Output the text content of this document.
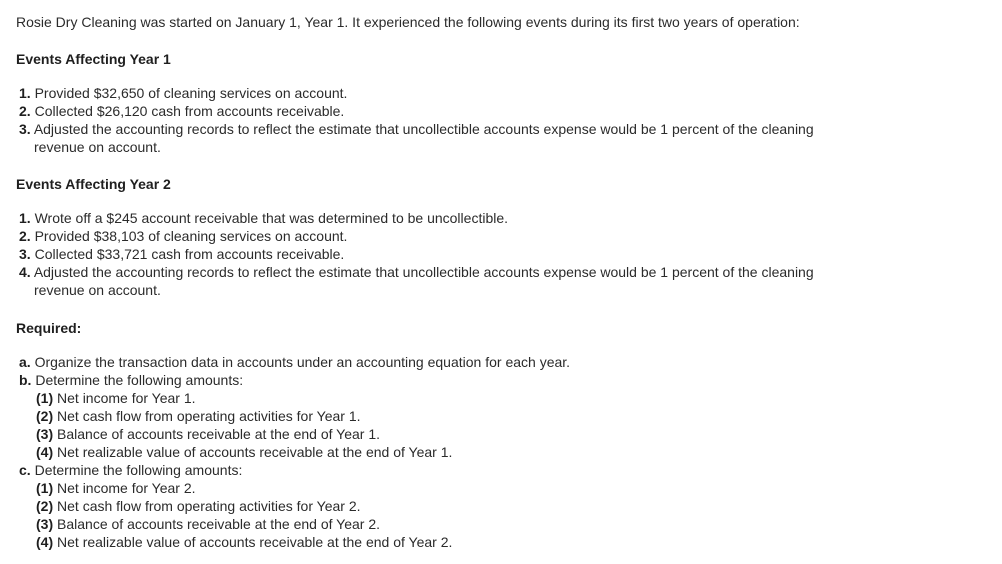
Rosie Dry Cleaning was started on January 1, Year 1. It experienced the following events during its first two years of operation:

Events Affecting Year 1

1. Provided $32,650 of cleaning services on account.
2. Collected $26,120 cash from accounts receivable.
3. Adjusted the accounting records to reflect the estimate that uncollectible accounts expense would be 1 percent of the cleaning
revenue on account.

Events Affecting Year 2

1. Wrote off a $245 account receivable that was determined to be uncollectible.
2. Provided $38,103 of cleaning services on account.
3. Collected $33,721 cash from accounts receivable.
4. Adjusted the accounting records to reflect the estimate that uncollectible accounts expense would be 1 percent of the cleaning
revenue on account.

Required:

a. Organize the transaction data in accounts under an accounting equation for each year.
b. Determine the following amounts:
(1) Net income for Year 1.
(2) Net cash flow from operating activities for Year 1.
(3) Balance of accounts receivable at the end of Year 1.
(4) Net realizable value of accounts receivable at the end of Year 1.
c. Determine the following amounts:
(1) Net income for Year 2.
(2) Net cash flow from operating activities for Year 2.
(3) Balance of accounts receivable at the end of Year 2.
(4) Net realizable value of accounts receivable at the end of Year 2.
